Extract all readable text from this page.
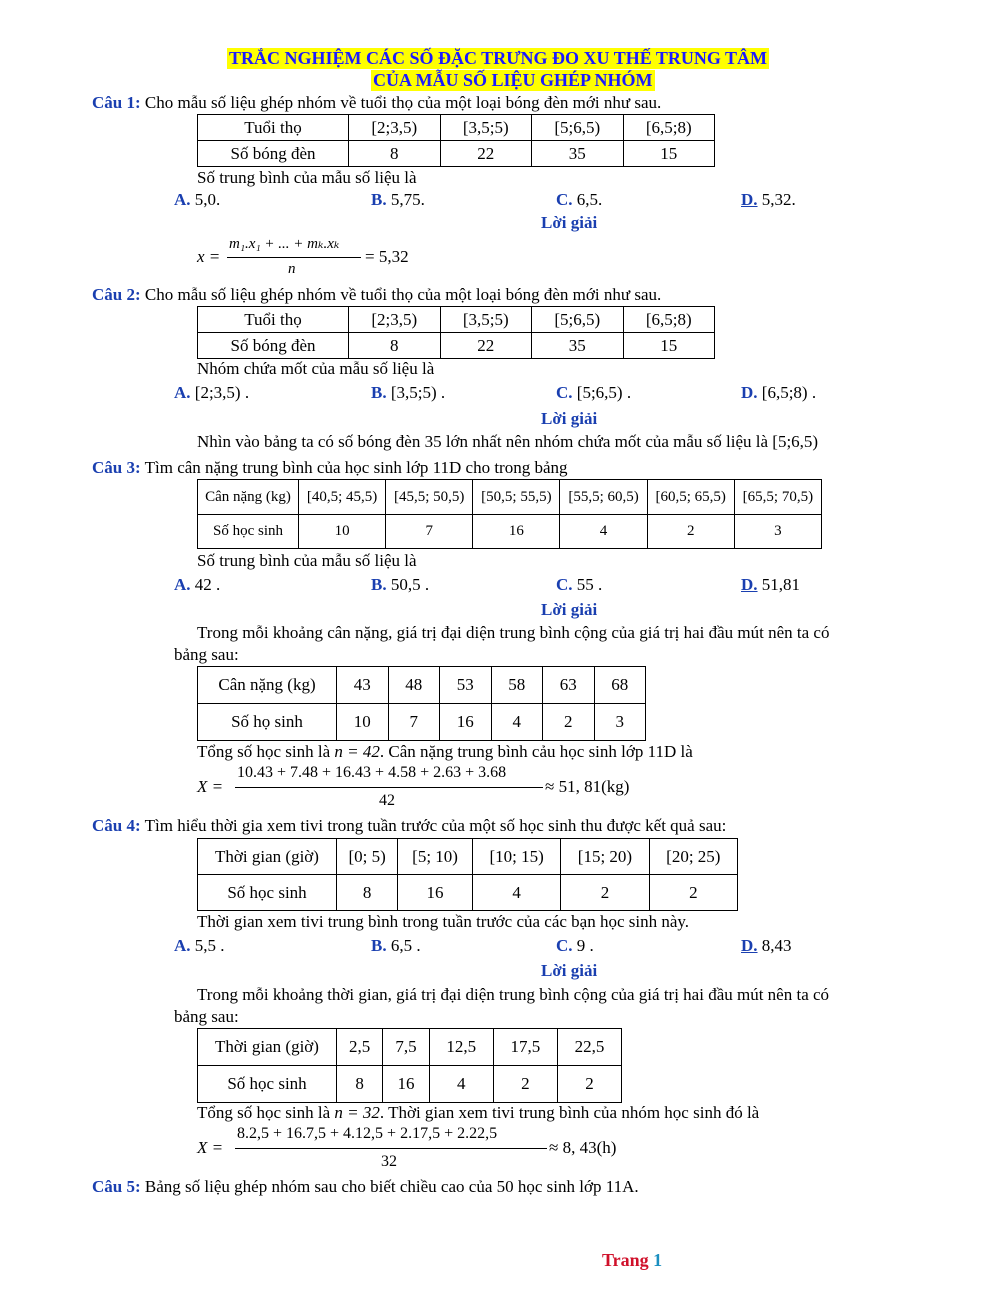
TRẮC NGHIỆM CÁC SỐ ĐẶC TRƯNG ĐO XU THẾ TRUNG TÂM
CỦA MẪU SỐ LIỆU GHÉP NHÓM
Câu 1: Cho mẫu số liệu ghép nhóm về tuổi thọ của một loại bóng đèn mới như sau.
Tuổi thọ	[2;3,5)	[3,5;5)	[5;6,5)	[6,5;8)
Số bóng đèn	8	22	35	15
Số trung bình của mẫu số liệu là
A. 5,0.	B. 5,75.	C. 6,5.	D. 5,32.
Lời giải
x =
m₁.x₁ + ... + mₖ.xₖ
n
= 5,32
Câu 2: Cho mẫu số liệu ghép nhóm về tuổi thọ của một loại bóng đèn mới như sau.
Tuổi thọ	[2;3,5)	[3,5;5)	[5;6,5)	[6,5;8)
Số bóng đèn	8	22	35	15
Nhóm chứa mốt của mẫu số liệu là
A. [2;3,5) .	B. [3,5;5) .	C. [5;6,5) .	D. [6,5;8) .
Lời giải
Nhìn vào bảng ta có số bóng đèn 35 lớn nhất nên nhóm chứa mốt của mẫu số liệu là [5;6,5)
Câu 3: Tìm cân nặng trung bình của học sinh lớp 11D cho trong bảng
Cân nặng (kg)	[40,5; 45,5)	[45,5; 50,5)	[50,5; 55,5)	[55,5; 60,5)	[60,5; 65,5)	[65,5; 70,5)
Số học sinh	10	7	16	4	2	3
Số trung bình của mẫu số liệu là
A. 42 .	B. 50,5 .	C. 55 .	D. 51,81
Lời giải
Trong mỗi khoảng cân nặng, giá trị đại diện trung bình cộng của giá trị hai đầu mút nên ta có
bảng sau:
Cân nặng (kg)	43	48	53	58	63	68
Số họ sinh	10	7	16	4	2	3
Tổng số học sinh là n = 42. Cân nặng trung bình cảu học sinh lớp 11D là
X =
10.43 + 7.48 + 16.43 + 4.58 + 2.63 + 3.68
42
≈ 51, 81(kg)
Câu 4: Tìm hiểu thời gia xem tivi trong tuần trước của một số học sinh thu được kết quả sau:
Thời gian (giờ)	[0; 5)	[5; 10)	[10; 15)	[15; 20)	[20; 25)
Số học sinh	8	16	4	2	2
Thời gian xem tivi trung bình trong tuần trước của các bạn học sinh này.
A. 5,5 .	B. 6,5 .	C. 9 .	D. 8,43
Lời giải
Trong mỗi khoảng thời gian, giá trị đại diện trung bình cộng của giá trị hai đầu mút nên ta có
bảng sau:
Thời gian (giờ)	2,5	7,5	12,5	17,5	22,5
Số học sinh	8	16	4	2	2
Tổng số học sinh là n = 32. Thời gian xem tivi trung bình của nhóm học sinh đó là
X =
8.2,5 + 16.7,5 + 4.12,5 + 2.17,5 + 2.22,5
32
≈ 8, 43(h)
Câu 5: Bảng số liệu ghép nhóm sau cho biết chiều cao của 50 học sinh lớp 11A.
Trang 1
